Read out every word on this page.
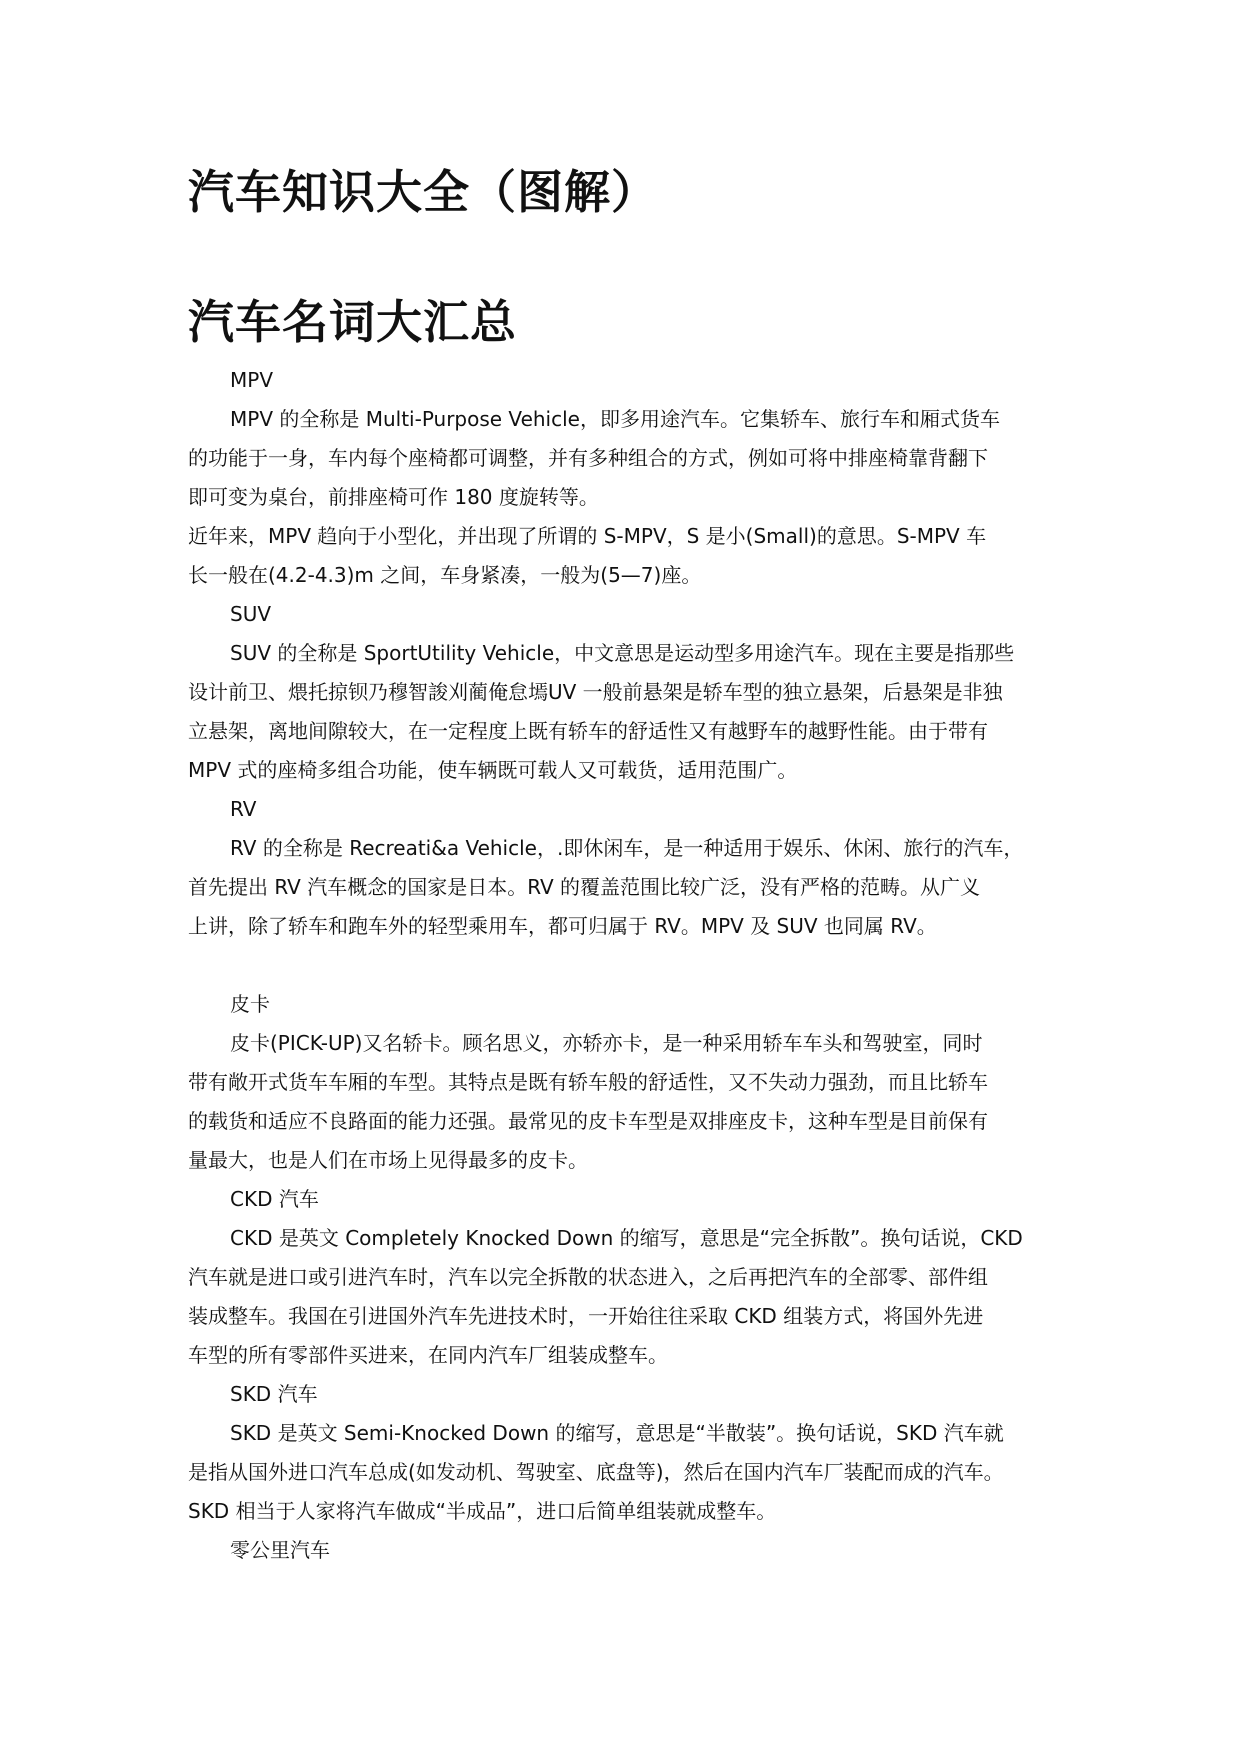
汽车知识大全（图解）
汽车名词大汇总
MPV

MPV 的全称是 Multi-Purpose Vehicle，即多用途汽车。它集轿车、旅行车和厢式货车
的功能于一身，车内每个座椅都可调整，并有多种组合的方式，例如可将中排座椅靠背翻下
即可变为桌台，前排座椅可作 180 度旋转等。

近年来，MPV 趋向于小型化，并出现了所谓的 S-MPV，S 是小(Small)的意思。S-MPV 车
长一般在(4.2-4.3)m 之间，车身紧凑，一般为(5—7)座。

SUV

SUV 的全称是 SportUtility Vehicle，中文意思是运动型多用途汽车。现在主要是指那些
设计前卫、煨托掠钡乃穆智誜刈蔺俺怠墕UV 一般前悬架是轿车型的独立悬架，后悬架是非独
立悬架，离地间隙较大，在一定程度上既有轿车的舒适性又有越野车的越野性能。由于带有
MPV 式的座椅多组合功能，使车辆既可载人又可载货，适用范围广。

RV

RV 的全称是 Recreati&a Vehicle，.即休闲车，是一种适用于娱乐、休闲、旅行的汽车，
首先提出 RV 汽车概念的国家是日本。RV 的覆盖范围比较广泛，没有严格的范畴。从广义
上讲，除了轿车和跑车外的轻型乘用车，都可归属于 RV。MPV 及 SUV 也同属 RV。

皮卡

皮卡(PICK-UP)又名轿卡。顾名思义，亦轿亦卡，是一种采用轿车车头和驾驶室，同时
带有敞开式货车车厢的车型。其特点是既有轿车般的舒适性，又不失动力强劲，而且比轿车
的载货和适应不良路面的能力还强。最常见的皮卡车型是双排座皮卡，这种车型是目前保有
量最大，也是人们在市场上见得最多的皮卡。

CKD 汽车

CKD 是英文 Completely Knocked Down 的缩写，意思是“完全拆散”。换句话说，CKD
汽车就是进口或引进汽车时，汽车以完全拆散的状态进入，之后再把汽车的全部零、部件组
装成整车。我国在引进国外汽车先进技术时，一开始往往采取 CKD 组装方式，将国外先进
车型的所有零部件买进来，在同内汽车厂组装成整车。

SKD 汽车

SKD 是英文 Semi-Knocked Down 的缩写，意思是“半散装”。换句话说，SKD 汽车就
是指从国外进口汽车总成(如发动机、驾驶室、底盘等)，然后在国内汽车厂装配而成的汽车。
SKD 相当于人家将汽车做成“半成品”，进口后简单组装就成整车。

零公里汽车
